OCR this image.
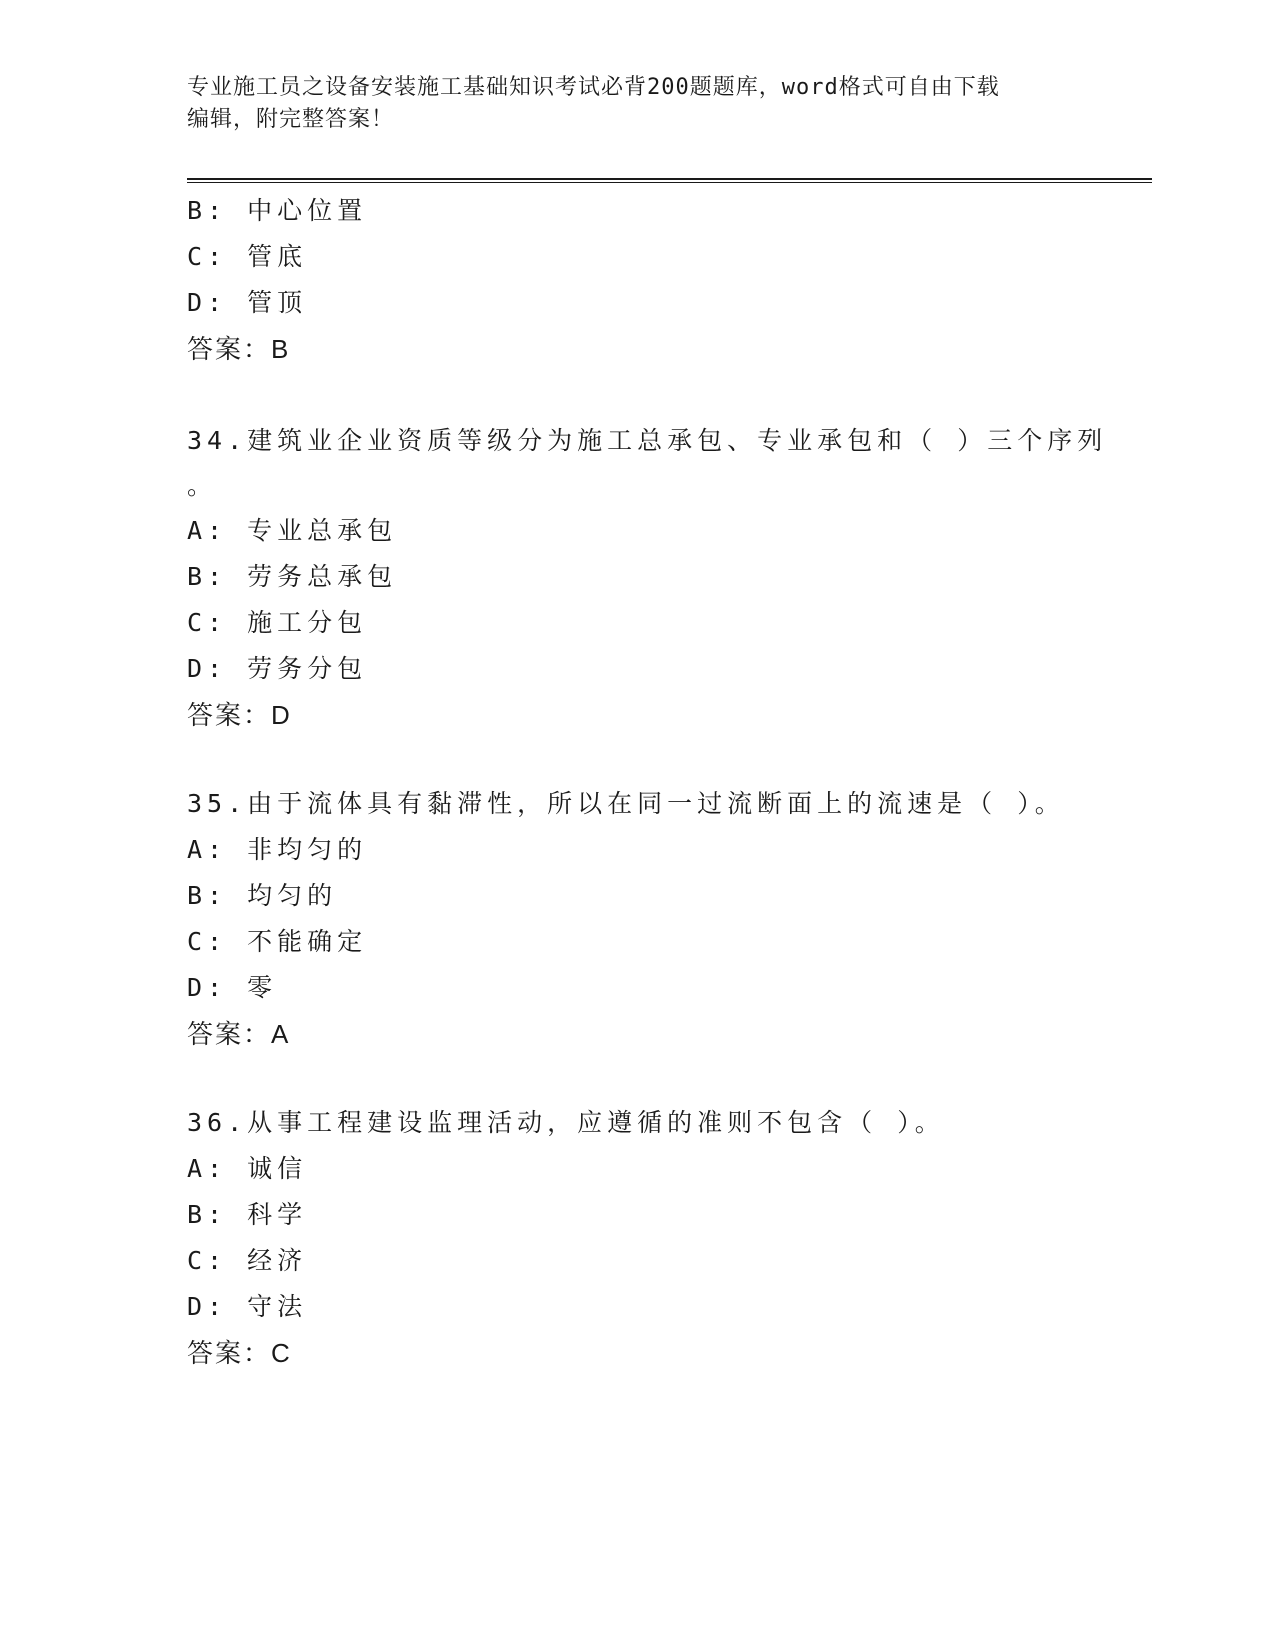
专业施工员之设备安装施工基础知识考试必背200题题库，word格式可自由下载
编辑，附完整答案！
B: 中心位置
C: 管底
D: 管顶
答案：B
34.建筑业企业资质等级分为施工总承包、专业承包和（ ）三个序列
。
A: 专业总承包
B: 劳务总承包
C: 施工分包
D: 劳务分包
答案：D
35.由于流体具有黏滞性，所以在同一过流断面上的流速是（ ）。
A: 非均匀的
B: 均匀的
C: 不能确定
D: 零
答案：A
36.从事工程建设监理活动，应遵循的准则不包含（ ）。
A: 诚信
B: 科学
C: 经济
D: 守法
答案：C
